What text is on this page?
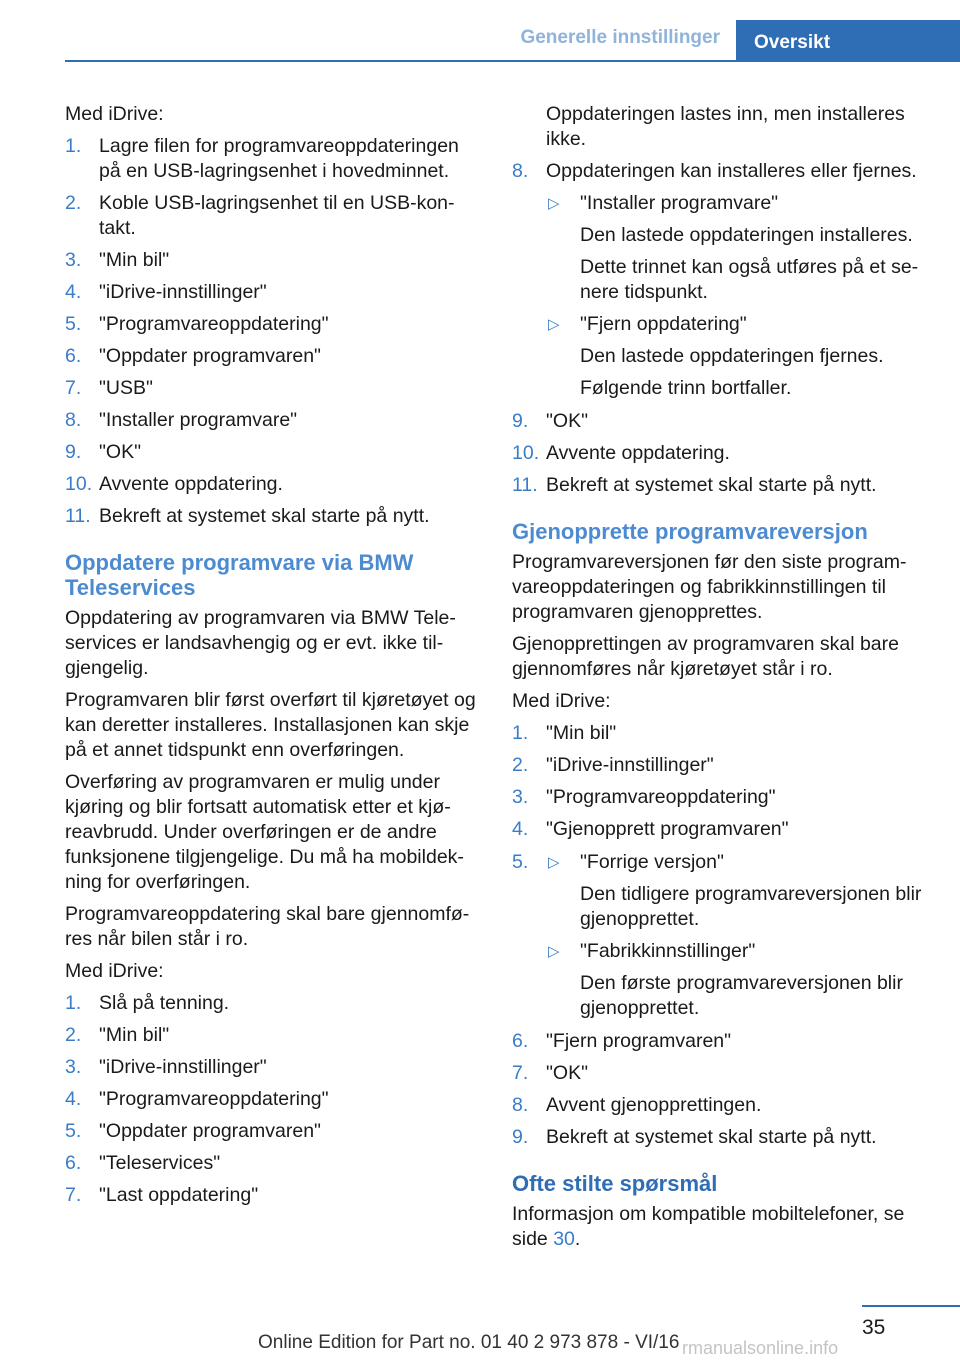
Generelle innstillinger	Oversikt

Med iDrive:

1. Lagre filen for programvareoppdateringen på en USB-lagringsenhet i hovedminnet.
2. Koble USB-lagringsenhet til en USB-kon-takt.
3. "Min bil"
4. "iDrive-innstillinger"
5. "Programvareoppdatering"
6. "Oppdater programvaren"
7. "USB"
8. "Installer programvare"
9. "OK"
10. Avvente oppdatering.
11. Bekreft at systemet skal starte på nytt.
Oppdatere programvare via BMW Teleservices

Oppdatering av programvaren via BMW Tele-services er landsavhengig og er evt. ikke til-gjengelig.

Programvaren blir først overført til kjøretøyet og kan deretter installeres. Installasjonen kan skje på et annet tidspunkt enn overføringen.

Overføring av programvaren er mulig under kjøring og blir fortsatt automatisk etter et kjø-reavbrudd. Under overføringen er de andre funksjonene tilgjengelige. Du må ha mobildek-ning for overføringen.

Programvareoppdatering skal bare gjennomfø-res når bilen står i ro.

Med iDrive:

1. Slå på tenning.
2. "Min bil"
3. "iDrive-innstillinger"
4. "Programvareoppdatering"
5. "Oppdater programvaren"
6. "Teleservices"
7. "Last oppdatering"
Oppdateringen lastes inn, men installeres ikke.
8. Oppdateringen kan installeres eller fjernes.
▷ "Installer programvare"
Den lastede oppdateringen installeres.
Dette trinnet kan også utføres på et se-nere tidspunkt.
▷ "Fjern oppdatering"
Den lastede oppdateringen fjernes.
Følgende trinn bortfaller.
9. "OK"
10. Avvente oppdatering.
11. Bekreft at systemet skal starte på nytt.
Gjenopprette programvareversjon

Programvareversjonen før den siste program-vareoppdateringen og fabrikkinnstillingen til programvaren gjenopprettes.

Gjenopprettingen av programvaren skal bare gjennomføres når kjøretøyet står i ro.

Med iDrive:

1. "Min bil"
2. "iDrive-innstillinger"
3. "Programvareoppdatering"
4. "Gjenopprett programvaren"
5. ▷ "Forrige versjon"
Den tidligere programvareversjonen blir gjenopprettet.
▷ "Fabrikkinnstillinger"
Den første programvareversjonen blir gjenopprettet.
6. "Fjern programvaren"
7. "OK"
8. Avvent gjenopprettingen.
9. Bekreft at systemet skal starte på nytt.
Ofte stilte spørsmål

Informasjon om kompatible mobiltelefoner, se side 30.

35
Online Edition for Part no. 01 40 2 973 878 - VI/16 rmanualsonline.info
